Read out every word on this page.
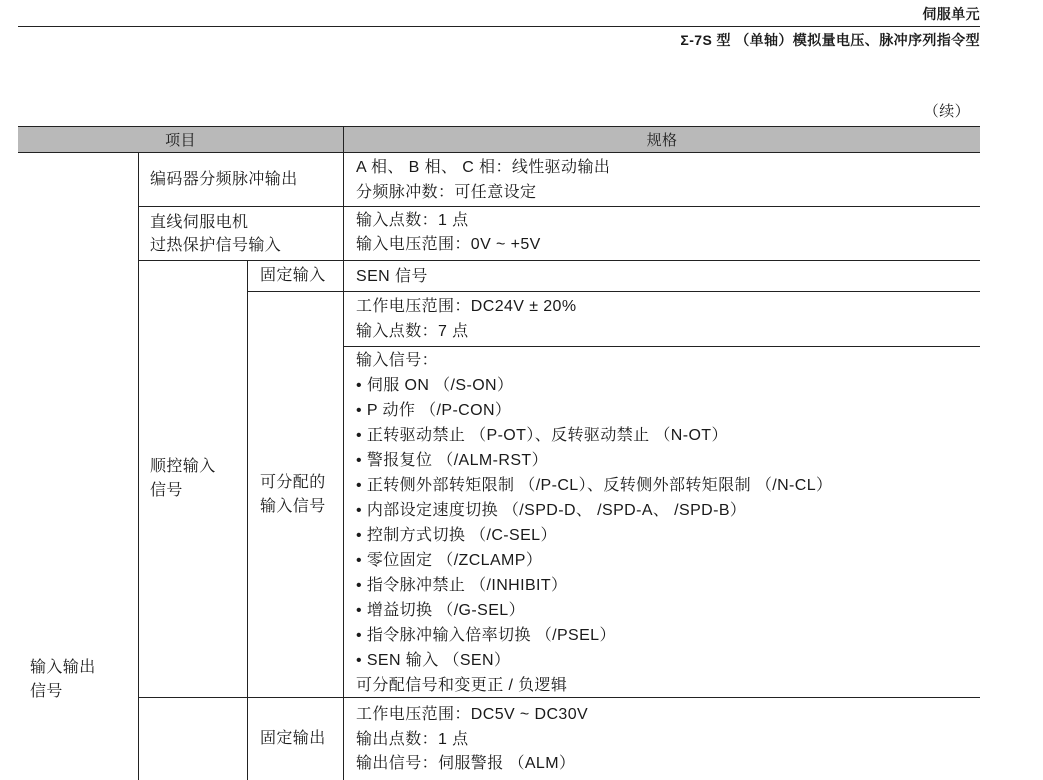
伺服单元
Σ-7S 型 （单轴）模拟量电压、脉冲序列指令型
（续）
项目	规格
输入输出
信号
编码器分频脉冲输出
A 相、 B 相、 C 相：线性驱动输出
分频脉冲数：可任意设定
直线伺服电机
过热保护信号输入
输入点数：1 点
输入电压范围：0V ~ +5V
顺控输入
信号
固定输入	SEN 信号
可分配的
输入信号
工作电压范围：DC24V ± 20%
输入点数：7 点
输入信号：
• 伺服 ON （/S-ON）
• P 动作 （/P-CON）
• 正转驱动禁止 （P-OT）、反转驱动禁止 （N-OT）
• 警报复位 （/ALM-RST）
• 正转侧外部转矩限制 （/P-CL）、反转侧外部转矩限制 （/N-CL）
• 内部设定速度切换 （/SPD-D、 /SPD-A、 /SPD-B）
• 控制方式切换 （/C-SEL）
• 零位固定 （/ZCLAMP）
• 指令脉冲禁止 （/INHIBIT）
• 增益切换 （/G-SEL）
• 指令脉冲输入倍率切换 （/PSEL）
• SEN 输入 （SEN）
可分配信号和变更正 / 负逻辑
固定输出
工作电压范围：DC5V ~ DC30V
输出点数：1 点
输出信号：伺服警报 （ALM）
